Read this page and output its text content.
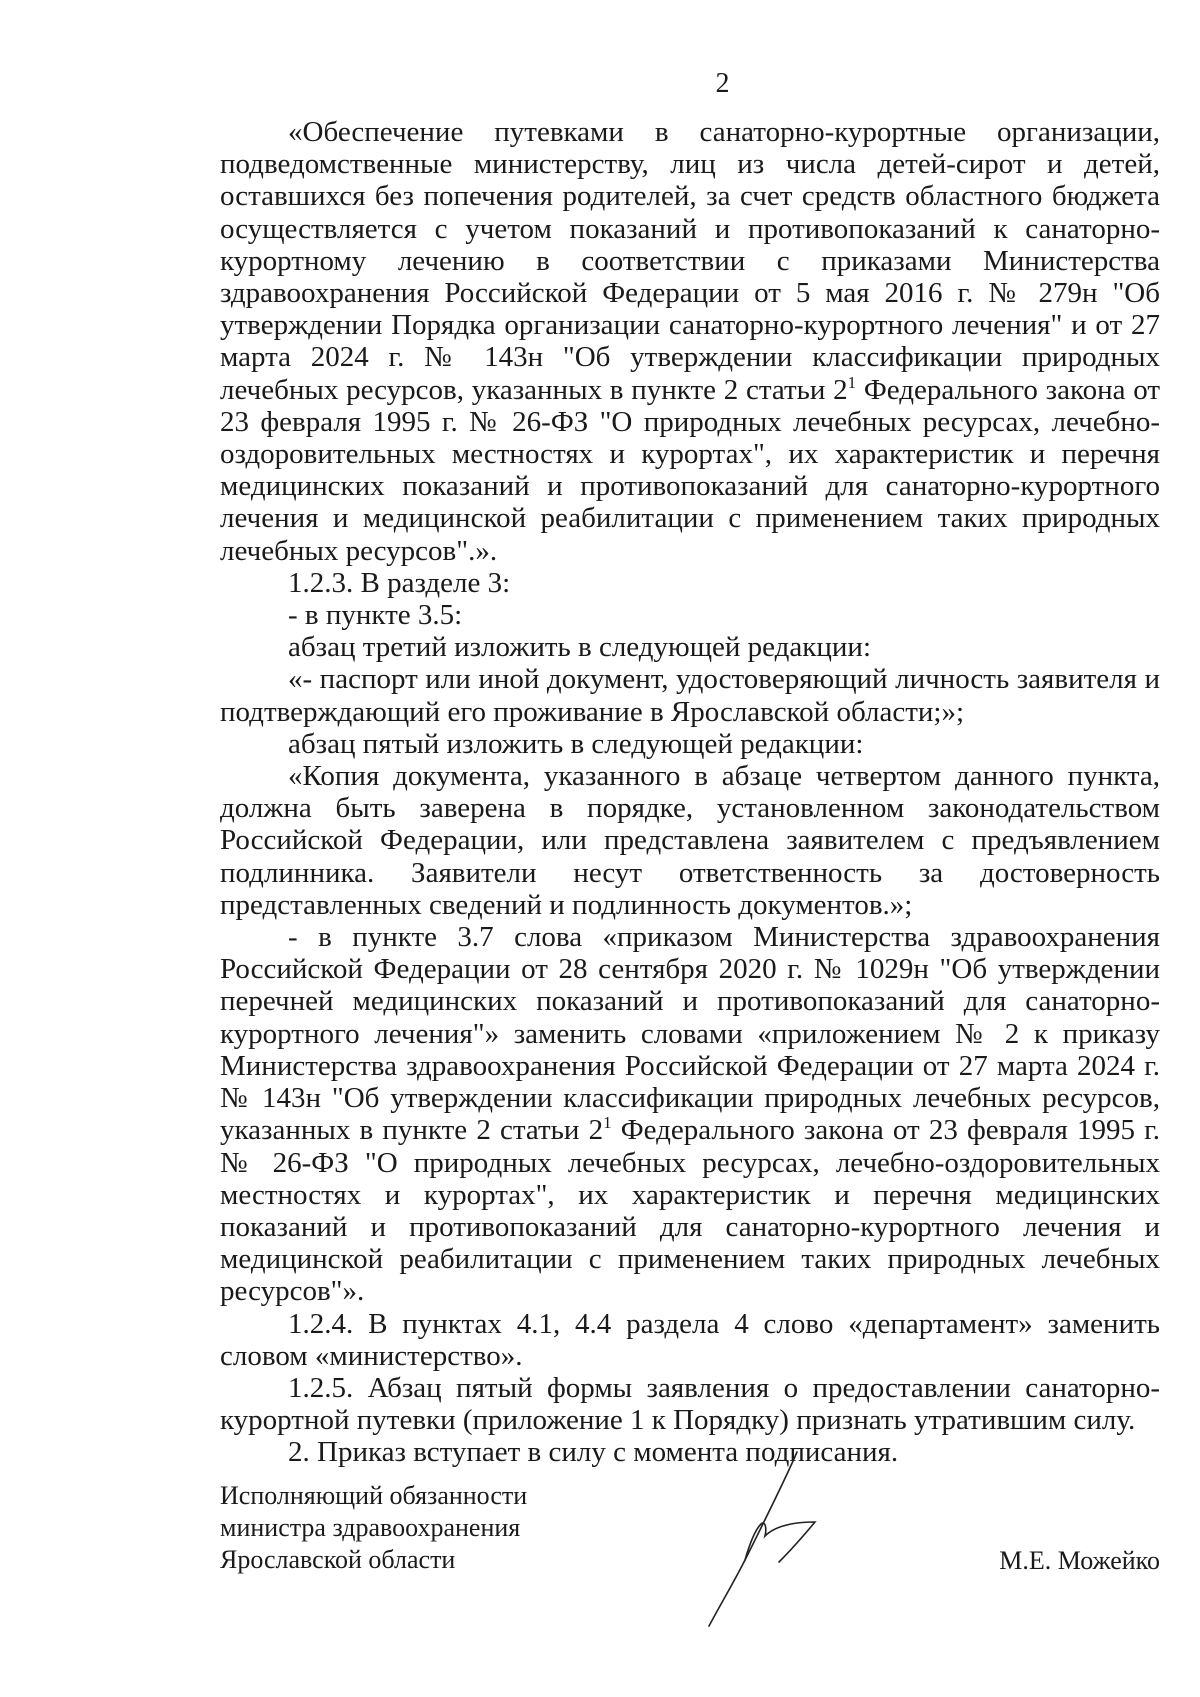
2

«Обеспечение путевками в санаторно-курортные организации, подведомственные министерству, лиц из числа детей-сирот и детей, оставшихся без попечения родителей, за счет средств областного бюджета осуществляется с учетом показаний и противопоказаний к санаторно-курортному лечению в соответствии с приказами Министерства здравоохранения Российской Федерации от 5 мая 2016 г. № 279н "Об утверждении Порядка организации санаторно-курортного лечения" и от 27 марта 2024 г. № 143н "Об утверждении классификации природных лечебных ресурсов, указанных в пункте 2 статьи $2^1$ Федерального закона от 23 февраля 1995 г. № 26-ФЗ "О природных лечебных ресурсах, лечебно-оздоровительных местностях и курортах", их характеристик и перечня медицинских показаний и противопоказаний для санаторно-курортного лечения и медицинской реабилитации с применением таких природных лечебных ресурсов".».

1.2.3. В разделе 3:

- в пункте 3.5:

абзац третий изложить в следующей редакции:

«- паспорт или иной документ, удостоверяющий личность заявителя и подтверждающий его проживание в Ярославской области;»;

абзац пятый изложить в следующей редакции:

«Копия документа, указанного в абзаце четвертом данного пункта, должна быть заверена в порядке, установленном законодательством Российской Федерации, или представлена заявителем с предъявлением подлинника. Заявители несут ответственность за достоверность представленных сведений и подлинность документов.»;

- в пункте 3.7 слова «приказом Министерства здравоохранения Российской Федерации от 28 сентября 2020 г. № 1029н "Об утверждении перечней медицинских показаний и противопоказаний для санаторно-курортного лечения"» заменить словами «приложением № 2 к приказу Министерства здравоохранения Российской Федерации от 27 марта 2024 г. № 143н "Об утверждении классификации природных лечебных ресурсов, указанных в пункте 2 статьи $2^1$ Федерального закона от 23 февраля 1995 г. № 26-ФЗ "О природных лечебных ресурсах, лечебно-оздоровительных местностях и курортах", их характеристик и перечня медицинских показаний и противопоказаний для санаторно-курортного лечения и медицинской реабилитации с применением таких природных лечебных ресурсов"».

1.2.4. В пунктах 4.1, 4.4 раздела 4 слово «департамент» заменить словом «министерство».

1.2.5. Абзац пятый формы заявления о предоставлении санаторно-курортной путевки (приложение 1 к Порядку) признать утратившим силу.

2. Приказ вступает в силу с момента подписания.

Исполняющий обязанности
министра здравоохранения
Ярославской области	М.Е. Можейко
